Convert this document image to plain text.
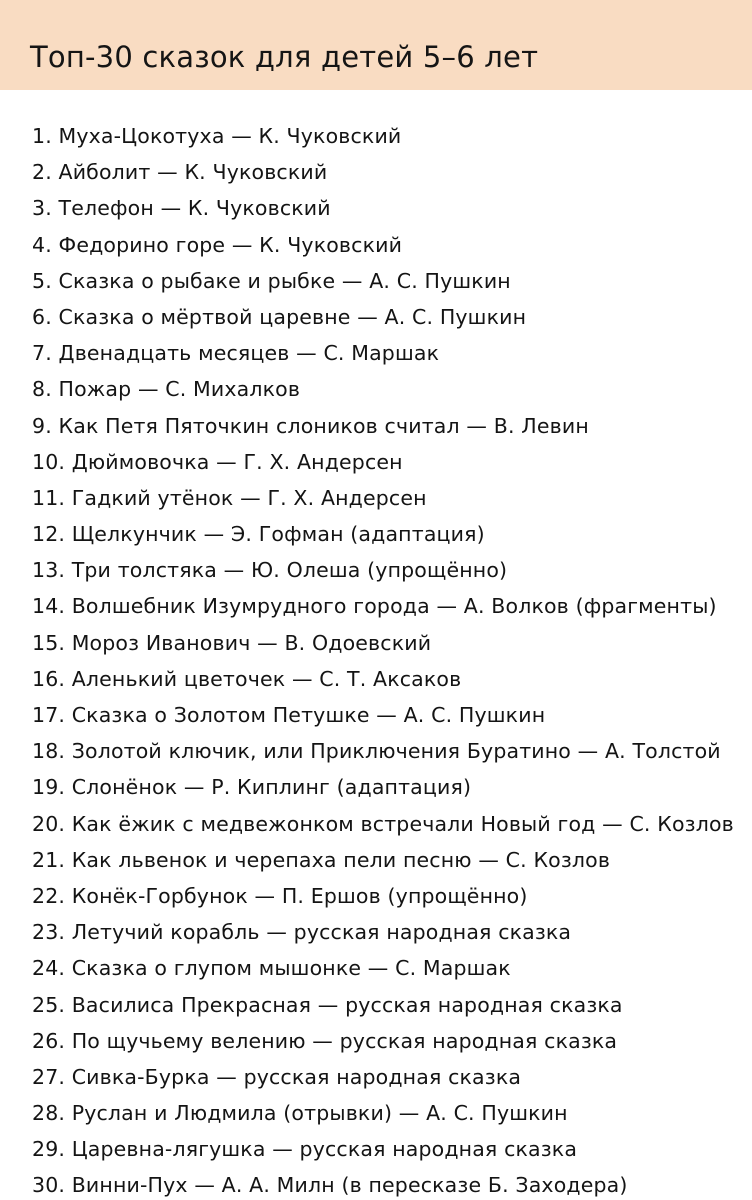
Топ-30 сказок для детей 5–6 лет
1. Муха-Цокотуха — К. Чуковский
2. Айболит — К. Чуковский
3. Телефон — К. Чуковский
4. Федорино горе — К. Чуковский
5. Сказка о рыбаке и рыбке — А. С. Пушкин
6. Сказка о мёртвой царевне — А. С. Пушкин
7. Двенадцать месяцев — С. Маршак
8. Пожар — С. Михалков
9. Как Петя Пяточкин слоников считал — В. Левин
10. Дюймовочка — Г. Х. Андерсен
11. Гадкий утёнок — Г. Х. Андерсен
12. Щелкунчик — Э. Гофман (адаптация)
13. Три толстяка — Ю. Олеша (упрощённо)
14. Волшебник Изумрудного города — А. Волков (фрагменты)
15. Мороз Иванович — В. Одоевский
16. Аленький цветочек — С. Т. Аксаков
17. Сказка о Золотом Петушке — А. С. Пушкин
18. Золотой ключик, или Приключения Буратино — А. Толстой
19. Слонёнок — Р. Киплинг (адаптация)
20. Как ёжик с медвежонком встречали Новый год — С. Козлов
21. Как львенок и черепаха пели песню — С. Козлов
22. Конёк-Горбунок — П. Ершов (упрощённо)
23. Летучий корабль — русская народная сказка
24. Сказка о глупом мышонке — С. Маршак
25. Василиса Прекрасная — русская народная сказка
26. По щучьему велению — русская народная сказка
27. Сивка-Бурка — русская народная сказка
28. Руслан и Людмила (отрывки) — А. С. Пушкин
29. Царевна-лягушка — русская народная сказка
30. Винни-Пух — А. А. Милн (в пересказе Б. Заходера)
